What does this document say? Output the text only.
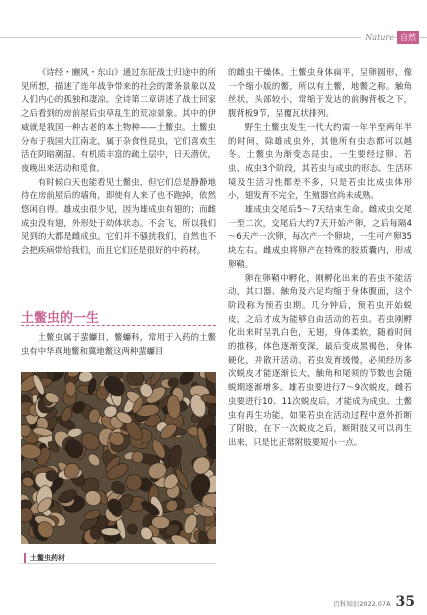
Nature 自然

《诗经・豳风・东山》通过东征战士归途中的所见所想，描述了连年战争带来的社会的萧条景象以及人们内心的孤独和凄凉。全诗第二章讲述了战士回家之后看到的房前屋后虫草乱生的荒凉景象。其中的伊威就是我国一种古老的本土物种——土鳖虫。土鳖虫分布于我国大江南北，属于杂食性昆虫，它们喜欢生活在阴暗潮湿、有机质丰富的疏土层中，日天潜伏，夜晚出来活动和觅食。

有时候白天也能看见土鳖虫，但它们总是静静地待在房前屋后的墙角，即使有人来了也不跑掉，依然悠闲自得。雄成虫很少见，因为雄成虫有翅的；而雌成虫没有翅，外形处于幼体状态。不会飞，所以我们见到的大都是雌成虫。它们并不骚扰我们，自然也不会把疾病带给我们，而且它们还是很好的中药材。

土鳖虫的一生

土鳖虫属于蜚蠊目，鳖蠊科，常用于入药的土鳖虫有中华真地鳖和冀地鳖这两种蜚蠊目

土鳖虫药材

的雌虫干燥体。土鳖虫身体扁平，呈卵圆形，像一个缩小版的鳖，所以有土鳖，地鳖之称。触角丝状，头部较小，常缩于发达的前胸背板之下，腹背板9节，呈覆瓦状排列。

野生土鳖虫发生一代大约需一年半至两年半的时间，除雄成虫外，其他所有虫态都可以越冬。土鳖虫为渐变态昆虫，一生要经过卵、若虫、成虫3个阶段，其若虫与成虫的形态、生活环境及生活习性都差不多，只是若虫比成虫体形小，翅发育不完全，生殖器官尚未成熟。

雄成虫交尾后5～7天结束生命。雌成虫交尾一至二次，交尾后大约7天开始产卵，之后每隔4～6天产一次卵，每次产一个卵块，一生可产卵35块左右。雌成虫将卵产在特殊的胶质囊内，形成卵鞘。

卵在卵鞘中孵化，刚孵化出来的若虫不能活动，其口器、触角及六足均缩于身体腹面，这个阶段称为预若虫期。几分钟后，预若虫开始蜕皮，之后才成为能够自由活动的若虫。若虫刚孵化出来时呈乳白色，无翅，身体柔软，随着时间的推移，体色逐渐变深，最后变成黑褐色，身体硬化，并散开活动。若虫发育缓慢，必须经历多次蜕皮才能逐渐长大，触角和尾须的节数也会随蜕期逐渐增多。雄若虫要进行7～9次蜕皮，雌若虫要进行10、11次蜕皮后，才能成为成虫。土鳖虫有再生功能，如果若虫在活动过程中意外折断了附肢，在下一次蜕皮之后，断附肢又可以再生出来，只是比正常附肢要短小一点。

百科知识2022.07A 35
